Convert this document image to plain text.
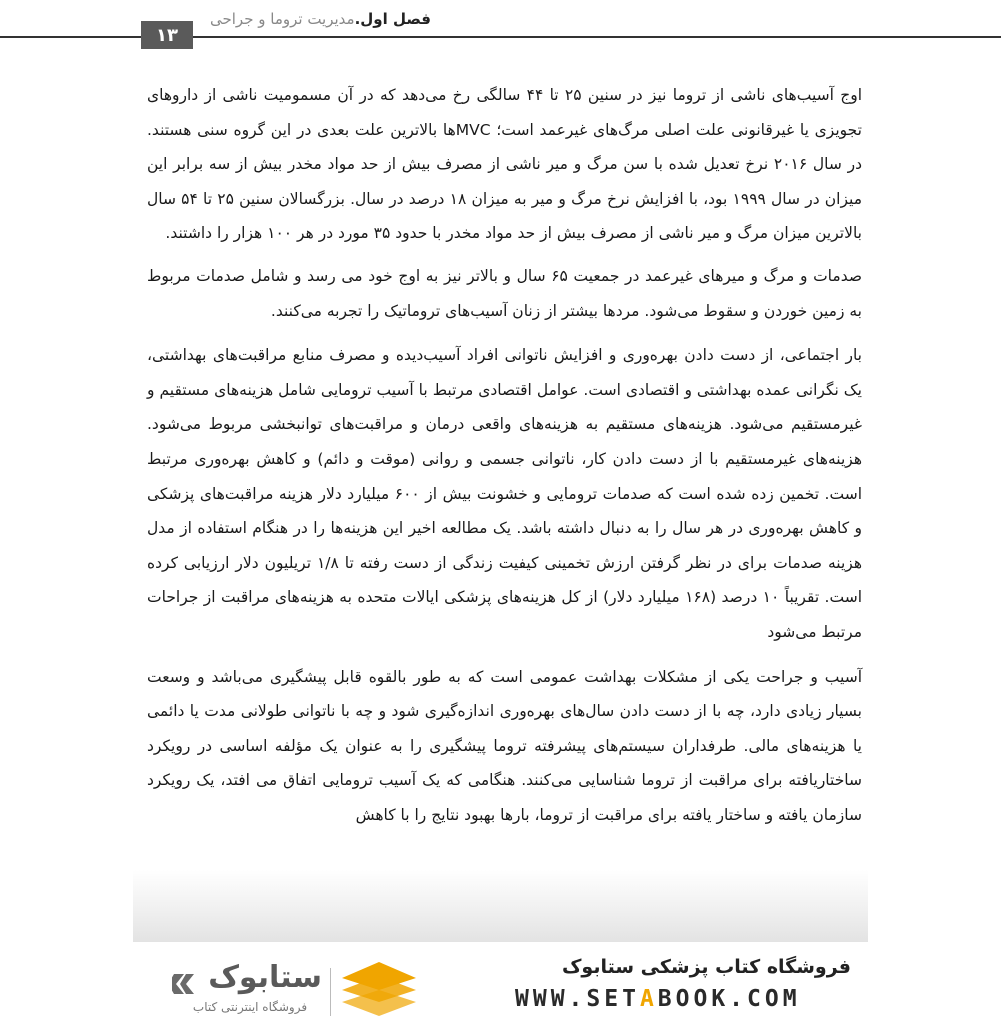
۱۳
فصل اول.مدیریت تروما و جراحی

اوج آسیب‌های ناشی از تروما نیز در سنین ۲۵ تا ۴۴ سالگی رخ می‌دهد که در آن مسمومیت ناشی از داروهای تجویزی یا غیرقانونی علت اصلی مرگ‌های غیرعمد است؛ MVCها بالاترین علت بعدی در این گروه سنی هستند. در سال ۲۰۱۶ نرخ تعدیل شده با سن مرگ و میر ناشی از مصرف بیش از حد مواد مخدر بیش از سه برابر این میزان در سال ۱۹۹۹ بود، با افزایش نرخ مرگ و میر به میزان ۱۸ درصد در سال. بزرگسالان سنین ۲۵ تا ۵۴ سال بالاترین میزان مرگ و میر ناشی از مصرف بیش از حد مواد مخدر با حدود ۳۵ مورد در هر ۱۰۰ هزار را داشتند.

صدمات و مرگ و میرهای غیرعمد در جمعیت ۶۵ سال و بالاتر نیز به اوج خود می رسد و شامل صدمات مربوط به زمین خوردن و سقوط می‌شود. مردها بیشتر از زنان آسیب‌های تروماتیک را تجربه می‌کنند.

بار اجتماعی، از دست دادن بهره‌وری و افزایش ناتوانی افراد آسیب‌دیده و مصرف منابع مراقبت‌های بهداشتی، یک نگرانی عمده بهداشتی و اقتصادی است. عوامل اقتصادی مرتبط با آسیب ترومایی شامل هزینه‌های مستقیم و غیرمستقیم می‌شود. هزینه‌های مستقیم به هزینه‌های واقعی درمان و مراقبت‌های توانبخشی مربوط می‌شود. هزینه‌های غیرمستقیم با از دست دادن کار، ناتوانی جسمی و روانی (موقت و دائم) و کاهش بهره‌وری مرتبط است. تخمین زده شده است که صدمات ترومایی و خشونت بیش از ۶۰۰ میلیارد دلار هزینه مراقبت‌های پزشکی و کاهش بهره‌وری در هر سال را به دنبال داشته باشد. یک مطالعه اخیر این هزینه‌ها را در هنگام استفاده از مدل هزینه صدمات برای در نظر گرفتن ارزش تخمینی کیفیت زندگی از دست رفته تا ۱/۸ تریلیون دلار ارزیابی کرده است. تقریباً ۱۰ درصد (۱۶۸ میلیارد دلار) از کل هزینه‌های پزشکی ایالات متحده به هزینه‌های مراقبت از جراحات مرتبط می‌شود

آسیب و جراحت یکی از مشکلات بهداشت عمومی است که به طور بالقوه قابل پیشگیری می‌باشد و وسعت بسیار زیادی دارد، چه با از دست دادن سال‌های بهره‌وری اندازه‌گیری شود و چه با ناتوانی طولانی مدت یا دائمی یا هزینه‌های مالی. طرفداران سیستم‌های پیشرفته تروما پیشگیری را به عنوان یک مؤلفه اساسی در رویکرد ساختاریافته برای مراقبت از تروما شناسایی می‌کنند. هنگامی که یک آسیب ترومایی اتفاق می افتد، یک رویکرد سازمان یافته و ساختار یافته برای مراقبت از تروما، بارها بهبود نتایج را با کاهش

ستابوک
فروشگاه اینترنتی کتاب
فروشگاه کتاب پزشکی ستابوک
WWW.SETABOOK.COM
